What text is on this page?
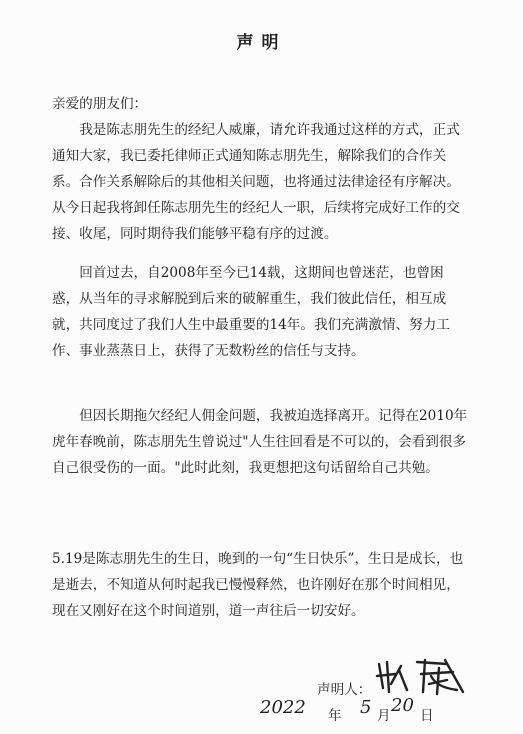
声明

亲爱的朋友们：

我是陈志朋先生的经纪人威廉，请允许我通过这样的方式，正式通知大家，我已委托律师正式通知陈志朋先生，解除我们的合作关系。合作关系解除后的其他相关问题，也将通过法律途径有序解决。从今日起我将卸任陈志朋先生的经纪人一职，后续将完成好工作的交接、收尾，同时期待我们能够平稳有序的过渡。

回首过去，自2008年至今已14载，这期间也曾迷茫，也曾困惑，从当年的寻求解脱到后来的破解重生，我们彼此信任，相互成就，共同度过了我们人生中最重要的14年。我们充满激情、努力工作、事业蒸蒸日上，获得了无数粉丝的信任与支持。

但因长期拖欠经纪人佣金问题，我被迫选择离开。记得在2010年虎年春晚前，陈志朋先生曾说过"人生往回看是不可以的，会看到很多自己很受伤的一面。"此时此刻，我更想把这句话留给自己共勉。

5.19是陈志朋先生的生日，晚到的一句“生日快乐”，生日是成长，也是逝去，不知道从何时起我已慢慢释然，也许刚好在那个时间相见，现在又刚好在这个时间道别，道一声往后一切安好。

声明人：
2022 年 5 月 20 日
